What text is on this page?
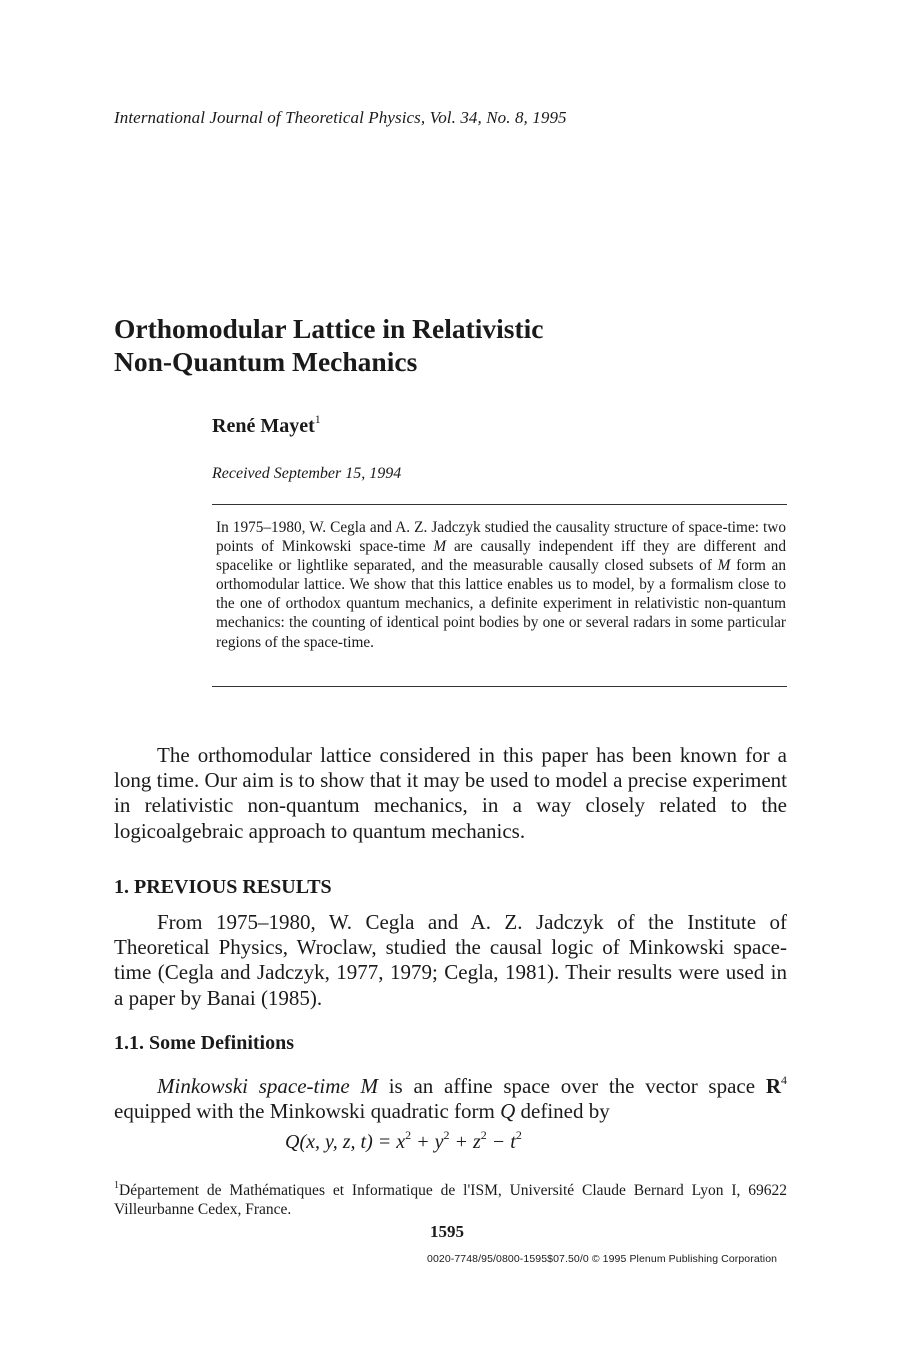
International Journal of Theoretical Physics, Vol. 34, No. 8, 1995
Orthomodular Lattice in Relativistic
Non-Quantum Mechanics
René Mayet$^1$
Received September 15, 1994
In 1975–1980, W. Cegla and A. Z. Jadczyk studied the causality structure of space-time: two points of Minkowski space-time M are causally independent iff they are different and spacelike or lightlike separated, and the measurable causally closed subsets of M form an orthomodular lattice. We show that this lattice enables us to model, by a formalism close to the one of orthodox quantum mechanics, a definite experiment in relativistic non-quantum mechanics: the counting of identical point bodies by one or several radars in some particular regions of the space-time.
The orthomodular lattice considered in this paper has been known for a long time. Our aim is to show that it may be used to model a precise experiment in relativistic non-quantum mechanics, in a way closely related to the logicoalgebraic approach to quantum mechanics.
1. PREVIOUS RESULTS
From 1975–1980, W. Cegla and A. Z. Jadczyk of the Institute of Theoretical Physics, Wroclaw, studied the causal logic of Minkowski space-time (Cegla and Jadczyk, 1977, 1979; Cegla, 1981). Their results were used in a paper by Banai (1985).
1.1. Some Definitions
Minkowski space-time M is an affine space over the vector space $R^4$ equipped with the Minkowski quadratic form Q defined by
Q(x, y, z, $t) = x^2 + y^2 + z^2 - t^2$
$^1$Département de Mathématiques et Informatique de l'ISM, Université Claude Bernard Lyon I, 69622 Villeurbanne Cedex, France.
1595
0020-7748/95/0800-1595$07.50/0 © 1995 Plenum Publishing Corporation
